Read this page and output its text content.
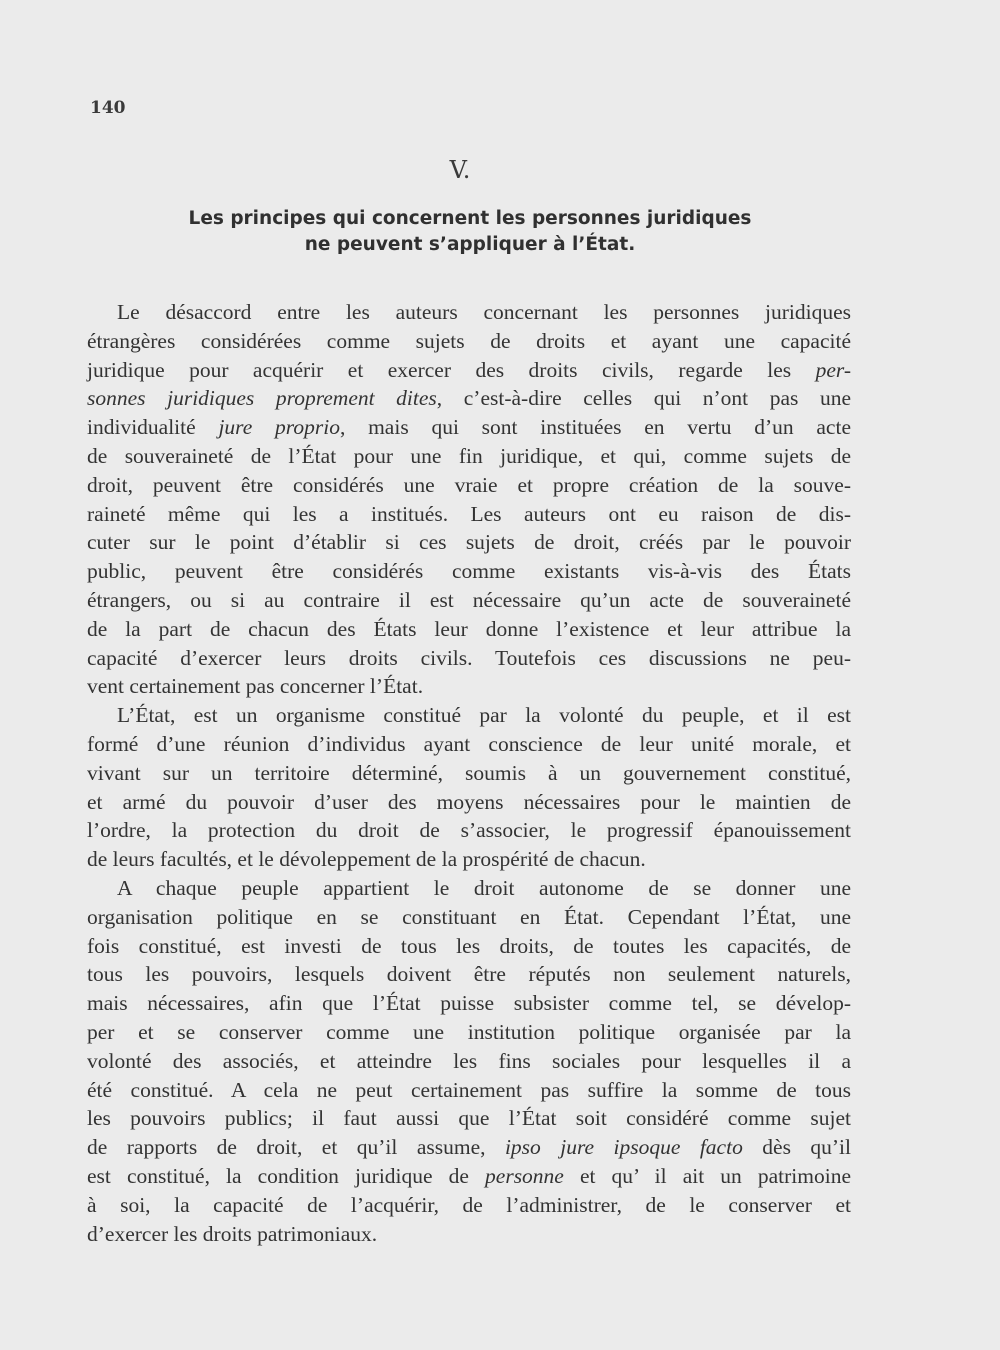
140
V.
Les principes qui concernent les personnes juridiques
ne peuvent s’appliquer à l’État.
Le désaccord entre les auteurs concernant les personnes juridiques
étrangères considérées comme sujets de droits et ayant une capacité
juridique pour acquérir et exercer des droits civils, regarde les per-
sonnes juridiques proprement dites, c’est-à-dire celles qui n’ont pas une
individualité jure proprio, mais qui sont instituées en vertu d’un acte
de souveraineté de l’État pour une fin juridique, et qui, comme sujets de
droit, peuvent être considérés une vraie et propre création de la souve-
raineté même qui les a institués. Les auteurs ont eu raison de dis-
cuter sur le point d’établir si ces sujets de droit, créés par le pouvoir
public, peuvent être considérés comme existants vis-à-vis des États
étrangers, ou si au contraire il est nécessaire qu’un acte de souveraineté
de la part de chacun des États leur donne l’existence et leur attribue la
capacité d’exercer leurs droits civils. Toutefois ces discussions ne peu-
vent certainement pas concerner l’État.
L’État, est un organisme constitué par la volonté du peuple, et il est
formé d’une réunion d’individus ayant conscience de leur unité morale, et
vivant sur un territoire déterminé, soumis à un gouvernement constitué,
et armé du pouvoir d’user des moyens nécessaires pour le maintien de
l’ordre, la protection du droit de s’associer, le progressif épanouissement
de leurs facultés, et le dévoleppement de la prospérité de chacun.
A chaque peuple appartient le droit autonome de se donner une
organisation politique en se constituant en État. Cependant l’État, une
fois constitué, est investi de tous les droits, de toutes les capacités, de
tous les pouvoirs, lesquels doivent être réputés non seulement naturels,
mais nécessaires, afin que l’État puisse subsister comme tel, se dévelop-
per et se conserver comme une institution politique organisée par la
volonté des associés, et atteindre les fins sociales pour lesquelles il a
été constitué. A cela ne peut certainement pas suffire la somme de tous
les pouvoirs publics; il faut aussi que l’État soit considéré comme sujet
de rapports de droit, et qu’il assume, ipso jure ipsoque facto dès qu’il
est constitué, la condition juridique de personne et qu’ il ait un patrimoine
à soi, la capacité de l’acquérir, de l’administrer, de le conserver et
d’exercer les droits patrimoniaux.
